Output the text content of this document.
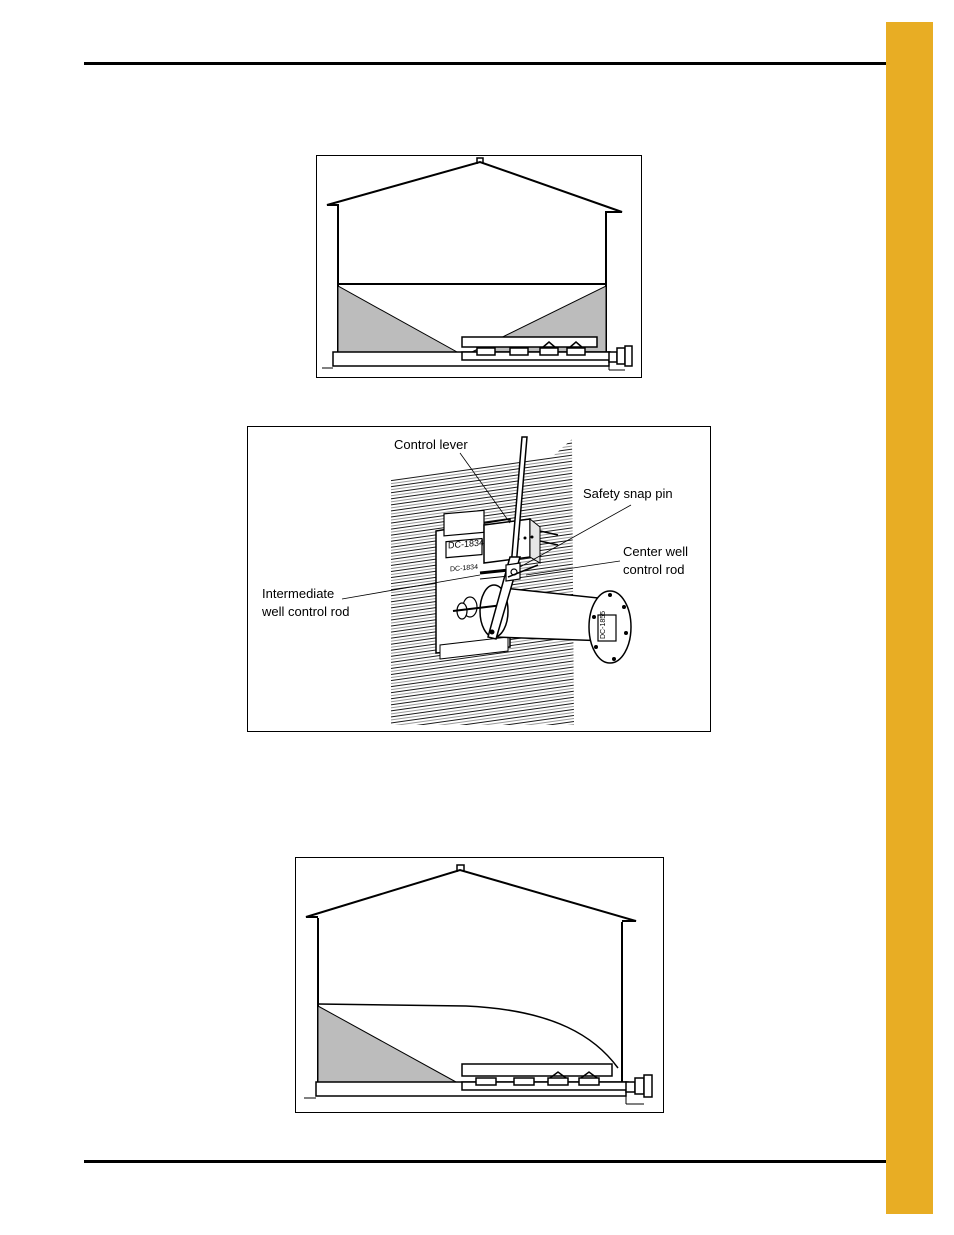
DC-1834
DC-1834
DC-1855
Control lever
Safety snap pin
Center well
control rod
Intermediate
well control rod
